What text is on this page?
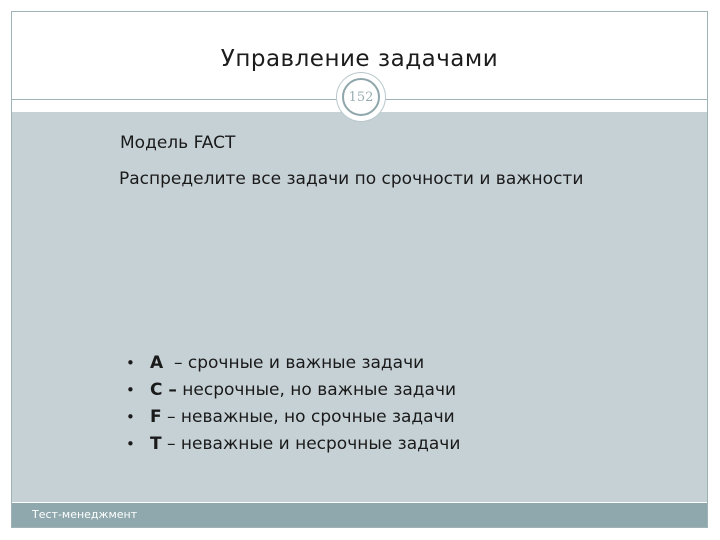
Управление задачами
152
Модель FACT
Распределите все задачи по срочности и важности
• A  – срочные и важные задачи
• C – несрочные, но важные задачи
• F – неважные, но срочные задачи
• T – неважные и несрочные задачи
Тест-менеджмент
